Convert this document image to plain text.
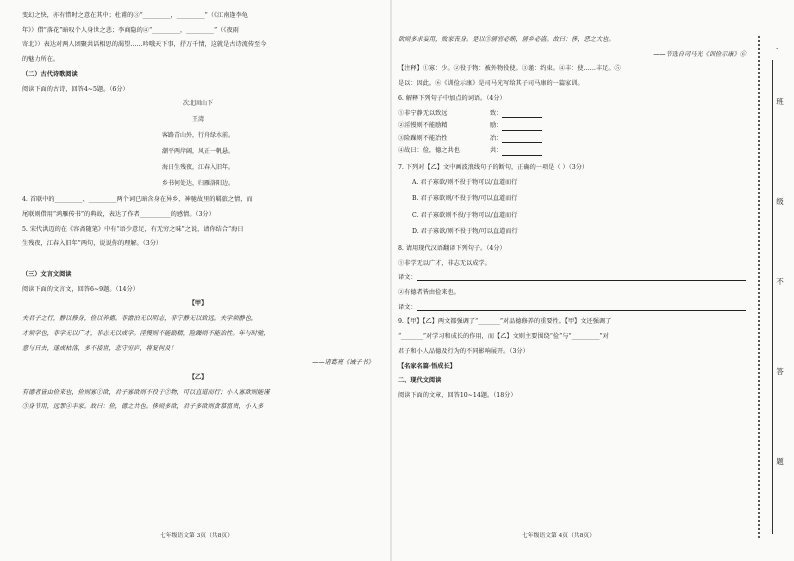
变幻之快，亦有惜时之意在其中；杜甫的③“_________，_________”（《江南逢李龟

年》）借“落花”暗叹个人身世之悲；李商隐的④“_________，_________”（《夜雨

寄北》）表达对两人团聚共话相思的渴望……吟哦天下事，抒万千情，这就是古诗流传至今

的魅力所在。

（二）古代诗歌阅读

阅读下面的古诗，回答4~5题。（6分）

次北固山下

王湾

客路青山外，行舟绿水前。

潮平两岸阔，风正一帆悬。

海日生残夜，江春入旧年。

乡书何处达，归雁洛阳边。

4. 首联中的_________、_________两个词已暗含身在异乡、神驰故里的羁旅之情，而

尾联则借用“鸿雁传书”的典故，表达了作者__________的感情。（3分）

5. 宋代洪迈的在《容斋随笔》中有“语少意足，有无穷之味”之说，请你结合“海日

生残夜，江春入旧年”两句，说说你的理解。（3分）

（三）文言文阅读

阅读下面的文言文，回答6~9题。（14分）

【甲】

夫君子之行，静以修身，俭以养德。非澹泊无以明志，非宁静无以致远。夫学须静也，

才须学也，非学无以广才，非志无以成学。淫慢则不能励精，险躁则不能冶性。年与时驰，

意与日去，遂成枯落，多不接世，悲守穷庐，将复何及！

——诸葛亮《诫子书》

【乙】

有德者皆由俭来也，俭则寡①欲，君子寡欲则不役于②物，可以直道而行；小人寡欲则能谨

③身节用，远罪④丰家。故曰：俭，德之共也。侈则多欲，君子多欲则贪慕富贵，小人多

七年级语文第 3页（共8页）

欲则多求妄用，败家丧身。是以⑤居官必贿，居乡必盗。故曰：侈，恶之大也。

——节选自司马光《训俭示康》⑥

【注释】①寡：少。②役于物：被外物役使。③谨：约束。④丰：使……丰足。⑤

是以：因此。⑥《训俭示康》是司马光写给其子司马康的一篇家训。

6. 解释下列句子中加点的词语。（4分）

①非宁静无以致远	致：
②淫慢则不能励精	励：
③险躁则不能冶性	冶：
④故曰：俭，德之共也	共：

7. 下列对【乙】文中画波浪线句子的断句，正确的一项是（ ）（3分）

A. 君子寡欲/则不役于物可以/直道而行

B. 君子寡欲则/不役于物/可以直道而行

C. 君子寡欲则不役/于物可以/直道而行

D. 君子寡欲/则不役于物/可以直道而行

8. 请用现代汉语翻译下列句子。（4分）

①非学无以广才，非志无以成学。

译文：

②有德者皆由俭来也。

译文：

9.【甲】【乙】两文都强调了“_______”对品德修养的重要性。【甲】文还强调了

“_______”对学习和成长的作用，而【乙】文则主要围绕“俭”与“_________”对

君子和小人品德及行为的不同影响展开。（3分）

【名家名篇·悟成长】

二、现代文阅读

阅读下面的文章，回答10~14题。（18分）

七年级语文第 4页（共8页）
·
班
级
不
答
题
